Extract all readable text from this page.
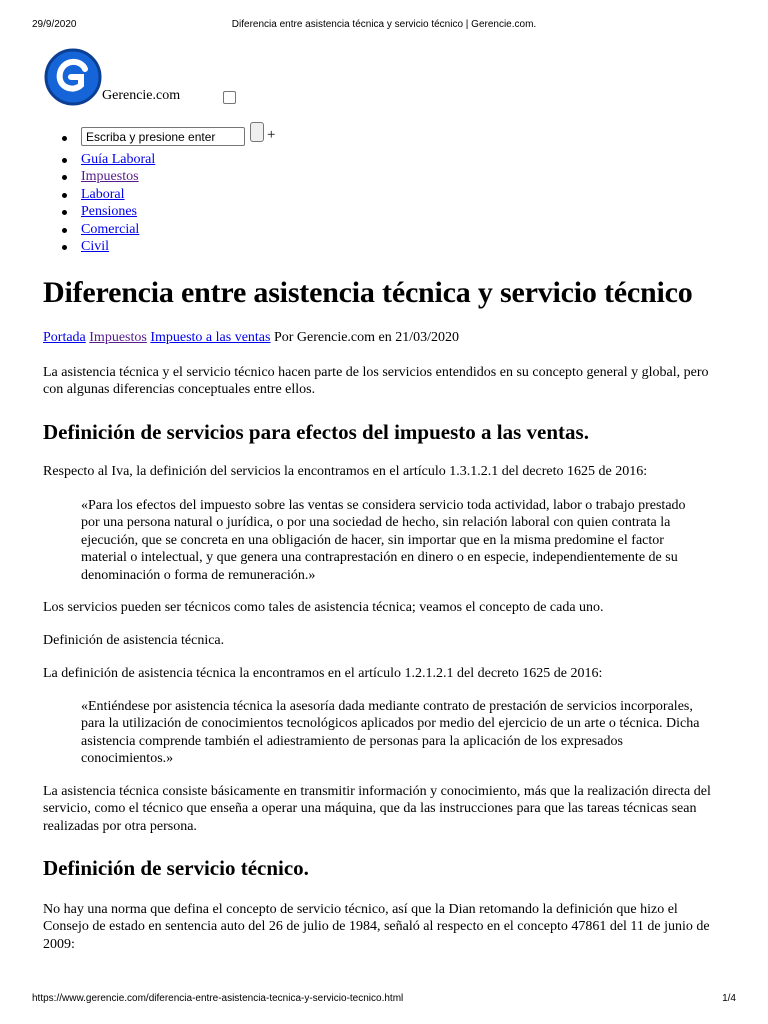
29/9/2020	Diferencia entre asistencia técnica y servicio técnico | Gerencie.com.
Gerencie.com
Escriba y presione enter
+
Guía Laboral
Impuestos
Laboral
Pensiones
Comercial
Civil
Diferencia entre asistencia técnica y servicio técnico
Portada Impuestos Impuesto a las ventas Por Gerencie.com en 21/03/2020

La asistencia técnica y el servicio técnico hacen parte de los servicios entendidos en su concepto general y global, pero con algunas diferencias conceptuales entre ellos.

Definición de servicios para efectos del impuesto a las ventas.

Respecto al Iva, la definición del servicios la encontramos en el artículo 1.3.1.2.1 del decreto 1625 de 2016:

«Para los efectos del impuesto sobre las ventas se considera servicio toda actividad, labor o trabajo prestado por una persona natural o jurídica, o por una sociedad de hecho, sin relación laboral con quien contrata la ejecución, que se concreta en una obligación de hacer, sin importar que en la misma predomine el factor material o intelectual, y que genera una contraprestación en dinero o en especie, independientemente de su denominación o forma de remuneración.»

Los servicios pueden ser técnicos como tales de asistencia técnica; veamos el concepto de cada uno.

Definición de asistencia técnica.

La definición de asistencia técnica la encontramos en el artículo 1.2.1.2.1 del decreto 1625 de 2016:

«Entiéndese por asistencia técnica la asesoría dada mediante contrato de prestación de servicios incorporales, para la utilización de conocimientos tecnológicos aplicados por medio del ejercicio de un arte o técnica. Dicha asistencia comprende también el adiestramiento de personas para la aplicación de los expresados conocimientos.»

La asistencia técnica consiste básicamente en transmitir información y conocimiento, más que la realización directa del servicio, como el técnico que enseña a operar una máquina, que da las instrucciones para que las tareas técnicas sean realizadas por otra persona.

Definición de servicio técnico.

No hay una norma que defina el concepto de servicio técnico, así que la Dian retomando la definición que hizo el Consejo de estado en sentencia auto del 26 de julio de 1984, señaló al respecto en el concepto 47861 del 11 de junio de 2009:

https://www.gerencie.com/diferencia-entre-asistencia-tecnica-y-servicio-tecnico.html	1/4
